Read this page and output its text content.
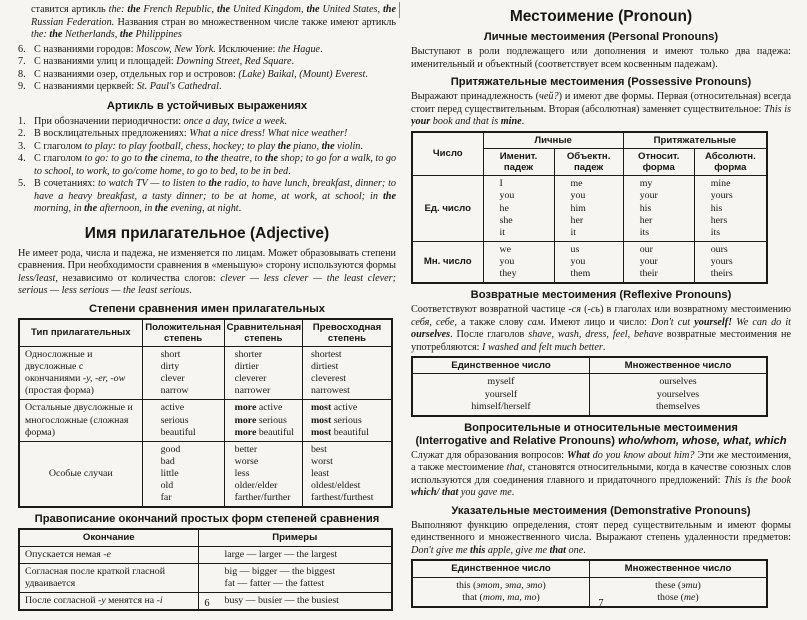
ставится артикль the: the French Republic, the United Kingdom, the United States, the Russian Federation. Названия стран во множественном числе также имеют артикль the: the Netherlands, the Philippines

6. С названиями городов: Moscow, New York. Исключение: the Hague.
7. С названиями улиц и площадей: Downing Street, Red Square.
8. С названиями озер, отдельных гор и островов: (Lake) Baikal, (Mount) Everest.
9. С названиями церквей: St. Paul's Cathedral.
Артикль в устойчивых выражениях
1. При обозначении периодичности: once a day, twice a week.
2. В восклицательных предложениях: What a nice dress! What nice weather!
3. С глаголом to play: to play football, chess, hockey; to play the piano, the violin.
4. С глаголом to go: to go to the cinema, to the theatre, to the shop; to go for a walk, to go to school, to work, to go/come home, to go to bed, to be in bed.
5. В сочетаниях: to watch TV — to listen to the radio, to have lunch, breakfast, dinner; to have a heavy breakfast, a tasty dinner; to be at home, at work, at school; in the morning, in the afternoon, in the evening, at night.
Имя прилагательное (Adjective)

Не имеет рода, числа и падежа, не изменяется по лицам. Может образовывать степени сравнения. При необходимости сравнения в «меньшую» сторону используются формы less/least, независимо от количества слогов: clever — less clever — the least clever; serious — less serious — the least serious.

Степени сравнения имен прилагательных
Тип прилагательных	Положительная степень	Сравнительная степень	Превосходная степень
Односложные и двусложные с окончаниями -y, -er, -ow (простая форма)	short
dirty
clever
narrow	shorter
dirtier
cleverer
narrower	shortest
dirtiest
cleverest
narrowest
Остальные двусложные и многосложные (сложная форма)	active
serious
beautiful	more active
more serious
more beautiful	most active
most serious
most beautiful
Особые случаи	good
bad
little
old
far	better
worse
less
older/elder
farther/further	best
worst
least
oldest/eldest
farthest/furthest
Правописание окончаний простых форм степеней сравнения
Окончание	Примеры
Опускается немая -е	large — larger — the largest
Согласная после краткой гласной удваивается	big — bigger — the biggest
fat — fatter — the fattest
После согласной -y менятся на -i	busy — busier — the busiest
6
Местоимение (Pronoun)
Личные местоимения (Personal Pronouns)

Выступают в роли подлежащего или дополнения и имеют только два падежа: именительный и объектный (соответствует всем косвенным падежам).

Притяжательные местоимения (Possessive Pronouns)

Выражают принадлежность (чей?) и имеют две формы. Первая (относительная) всегда стоит перед существительным. Вторая (абсолютная) заменяет существительное: This is your book and that is mine.

Число	Личные		Притяжательные	
	Именит. падеж	Объектн. падеж	Относит. форма	Абсолютн. форма
Ед. число	I
you
he
she
it	me
you
him
her
it	my
your
his
her
its	mine
yours
his
hers
its
Мн. число	we
you
they	us
you
them	our
your
their	ours
yours
theirs
Возвратные местоимения (Reflexive Pronouns)

Соответствуют возвратной частице -ся (-сь) в глаголах или возвратному местоимению себя, себе, а также слову сам. Имеют лицо и число: Don't cut yourself! We can do it ourselves. После глаголов shave, wash, dress, feel, behave возвратные местоимения не употребляются: I washed and felt much better.

Единственное число	Множественное число
myself
yourself
himself/herself	ourselves
yourselves
themselves
Вопросительные и относительные местоимения
(Interrogative and Relative Pronouns) who/whom, whose, what, which

Служат для образования вопросов: What do you know about him? Эти же местоимения, а также местоимение that, становятся относительными, когда в качестве союзных слов используются для соединения главного и придаточного предложений: This is the book which/ that you gave me.

Указательные местоимения (Demonstrative Pronouns)

Выполняют функцию определения, стоят перед существительным и имеют формы единственного и множественного числа. Выражают степень удаленности предметов: Don't give me this apple, give me that one.

Единственное число	Множественное число
this (этот, эта, это)
that (тот, та, то)	these (эти)
those (те)
7
